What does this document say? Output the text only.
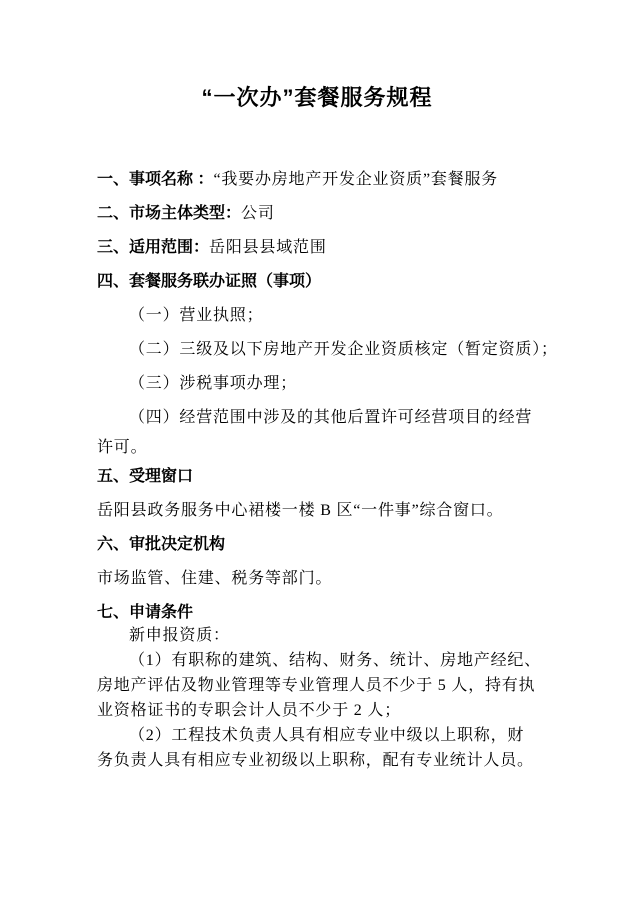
“一次办”套餐服务规程
一、事项名称 ：“我要办房地产开发企业资质”套餐服务
二、市场主体类型：公司
三、适用范围：岳阳县县域范围
四、套餐服务联办证照（事项）
（一）营业执照；
（二）三级及以下房地产开发企业资质核定（暂定资质）；
（三）涉税事项办理；
（四）经营范围中涉及的其他后置许可经营项目的经营
许可。
五、受理窗口
岳阳县政务服务中心裙楼一楼 B 区“一件事”综合窗口。
六、审批决定机构
市场监管、住建、税务等部门。
七、申请条件
新申报资质：
（1）有职称的建筑、结构、财务、统计、房地产经纪、
房地产评估及物业管理等专业管理人员不少于 5 人，持有执
业资格证书的专职会计人员不少于 2 人；
（2）工程技术负责人具有相应专业中级以上职称，财
务负责人具有相应专业初级以上职称，配有专业统计人员。
